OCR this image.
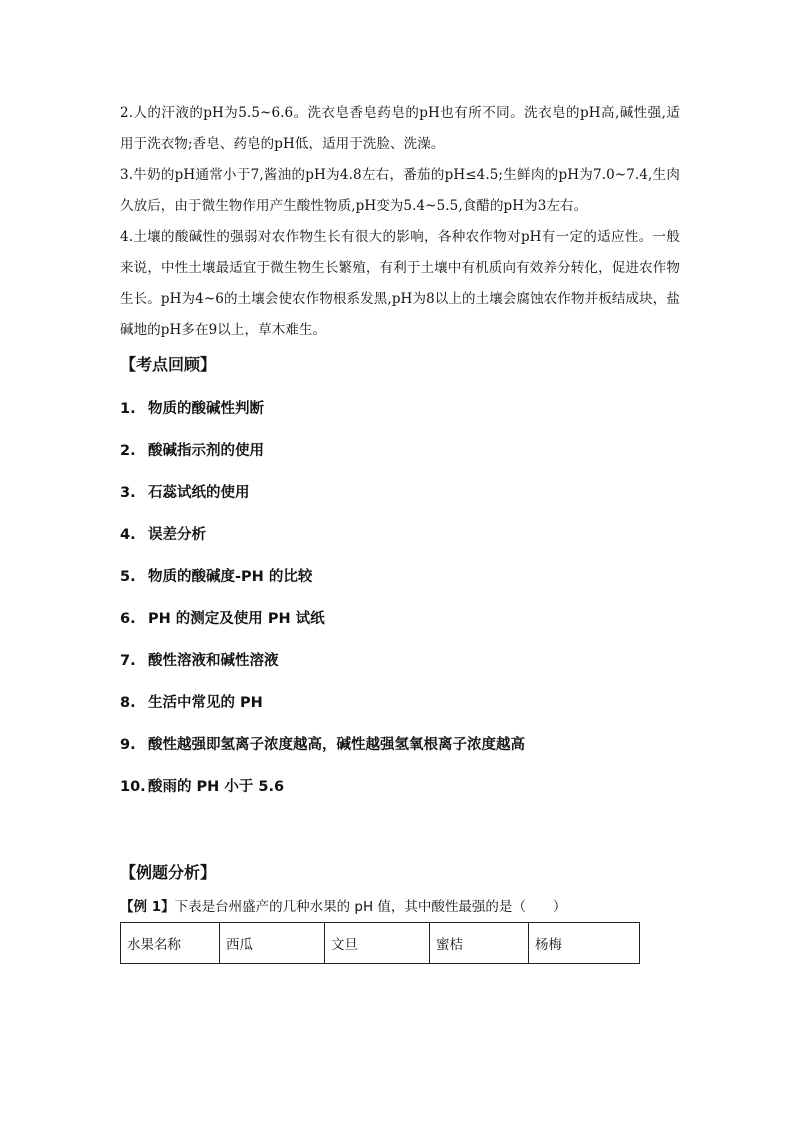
2.人的汗液的pH为5.5~6.6。洗衣皂香皂药皂的pH也有所不同。洗衣皂的pH高,碱性强,适用于洗衣物;香皂、药皂的pH低，适用于洗脸、洗澡。

3.牛奶的pH通常小于7,酱油的pH为4.8左右，番茄的pH≤4.5;生鲜肉的pH为7.0~7.4,生肉久放后，由于微生物作用产生酸性物质,pH变为5.4~5.5,食醋的pH为3左右。

4.土壤的酸碱性的强弱对农作物生长有很大的影响，各种农作物对pH有一定的适应性。一般来说，中性土壤最适宜于微生物生长繁殖，有利于土壤中有机质向有效养分转化，促进农作物生长。pH为4~6的土壤会使农作物根系发黑,pH为8以上的土壤会腐蚀农作物并板结成块，盐碱地的pH多在9以上，草木难生。

【考点回顾】
1. 物质的酸碱性判断
2. 酸碱指示剂的使用
3. 石蕊试纸的使用
4. 误差分析
5. 物质的酸碱度-PH 的比较
6. PH 的测定及使用 PH 试纸
7. 酸性溶液和碱性溶液
8. 生活中常见的 PH
9. 酸性越强即氢离子浓度越高，碱性越强氢氧根离子浓度越高
10. 酸雨的 PH 小于 5.6
【例题分析】

【例 1】下表是台州盛产的几种水果的 pH 值，其中酸性最强的是（　　）

水果名称	西瓜	文旦	蜜桔	杨梅
